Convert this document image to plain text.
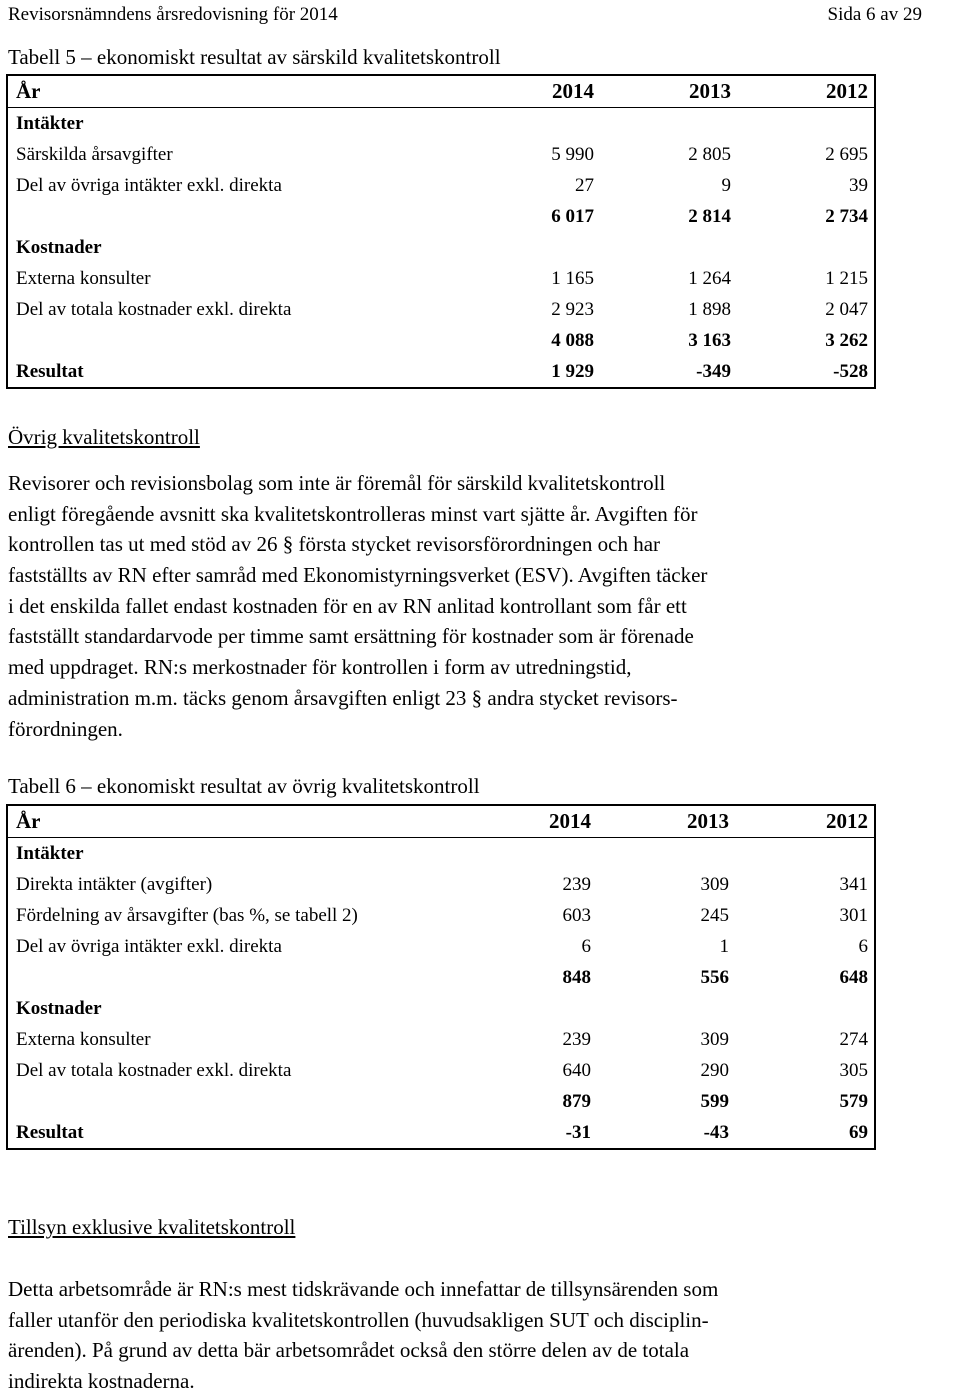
Revisorsnämndens årsredovisning för 2014	Sida 6 av 29
Tabell 5 – ekonomiskt resultat av särskild kvalitetskontroll
År	2014	2013	2012
Intäkter
Särskilda årsavgifter	5 990	2 805	2 695
Del av övriga intäkter exkl. direkta	27	9	39
6 017	2 814	2 734
Kostnader
Externa konsulter	1 165	1 264	1 215
Del av totala kostnader exkl. direkta	2 923	1 898	2 047
4 088	3 163	3 262
Resultat	1 929	-349	-528
Övrig kvalitetskontroll
Revisorer och revisionsbolag som inte är föremål för särskild kvalitetskontroll
enligt föregående avsnitt ska kvalitetskontrolleras minst vart sjätte år. Avgiften för
kontrollen tas ut med stöd av 26 § första stycket revisorsförordningen och har
fastställts av RN efter samråd med Ekonomistyrningsverket (ESV). Avgiften täcker
i det enskilda fallet endast kostnaden för en av RN anlitad kontrollant som får ett
fastställt standardarvode per timme samt ersättning för kostnader som är förenade
med uppdraget. RN:s merkostnader för kontrollen i form av utredningstid,
administration m.m. täcks genom årsavgiften enligt 23 § andra stycket revisors-
förordningen.
Tabell 6 – ekonomiskt resultat av övrig kvalitetskontroll
År	2014	2013	2012
Intäkter
Direkta intäkter (avgifter)	239	309	341
Fördelning av årsavgifter (bas %, se tabell 2)	603	245	301
Del av övriga intäkter exkl. direkta	6	1	6
848	556	648
Kostnader
Externa konsulter	239	309	274
Del av totala kostnader exkl. direkta	640	290	305
879	599	579
Resultat	-31	-43	69
Tillsyn exklusive kvalitetskontroll
Detta arbetsområde är RN:s mest tidskrävande och innefattar de tillsynsärenden som
faller utanför den periodiska kvalitetskontrollen (huvudsakligen SUT och disciplin-
ärenden). På grund av detta bär arbetsområdet också den större delen av de totala
indirekta kostnaderna.
